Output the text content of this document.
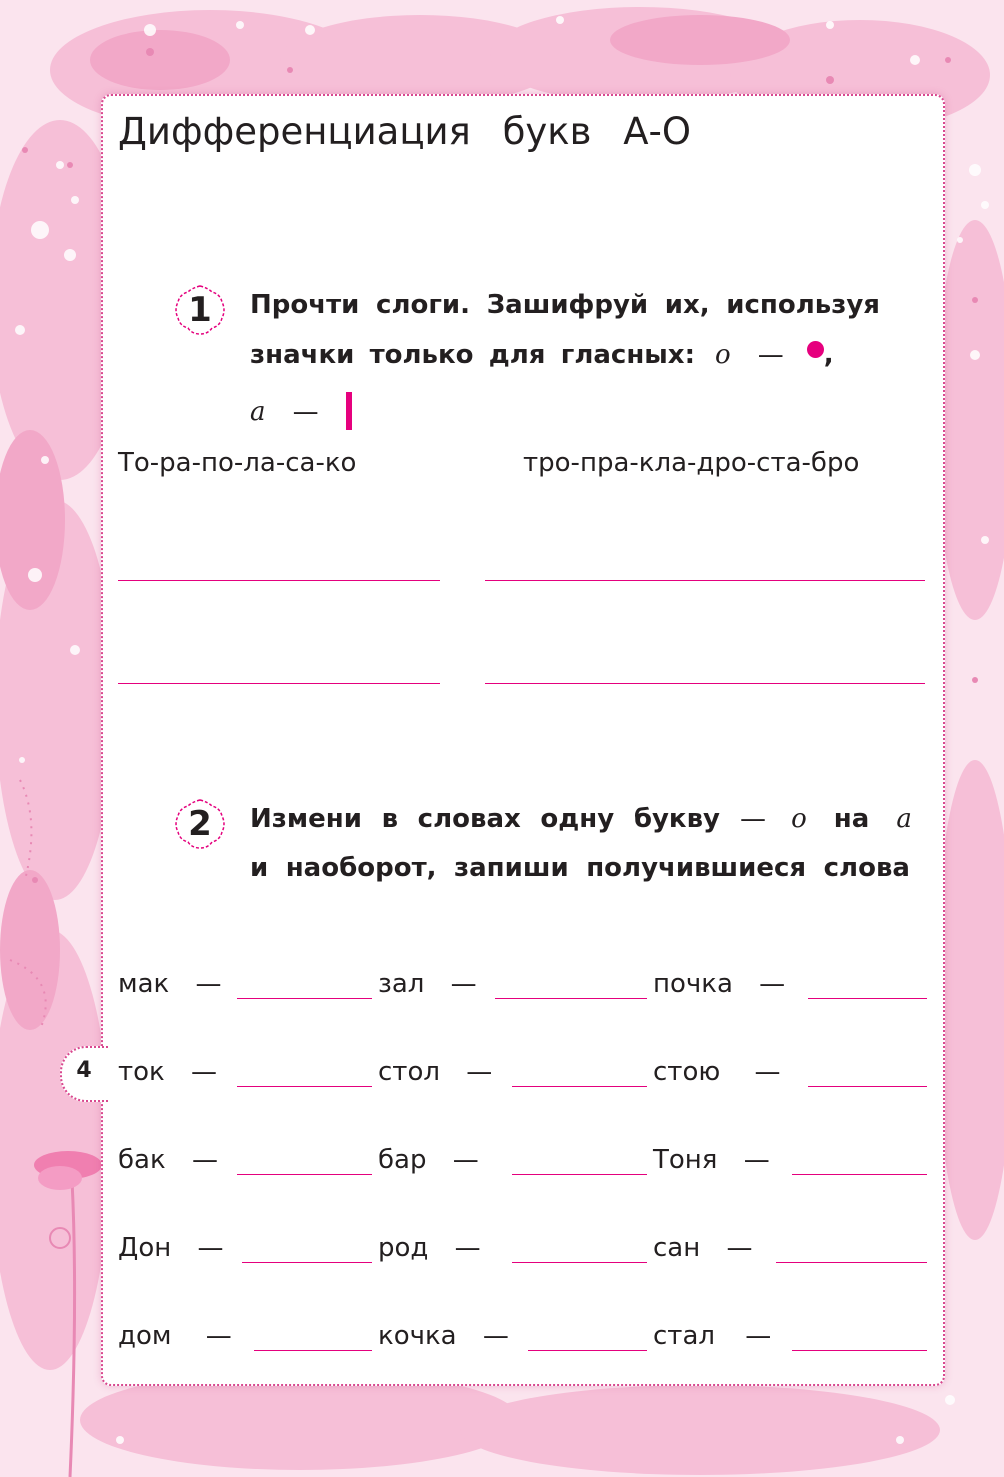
4
Дифференциация букв А-О
1	Прочти слоги. Зашифруй их, используя
значки только для гласных: о — ,
а —
То-ра-по-ла-са-ко	тро-пра-кла-дро-ста-бро
2	Измени в словах одну букву — о на а
и наоборот, запиши получившиеся слова
мак —	зал —	почка —
ток —	стол —	стою —
бак —	бар —	Тоня —
Дон —	род —	сан —
дом —	кочка —	стал —
